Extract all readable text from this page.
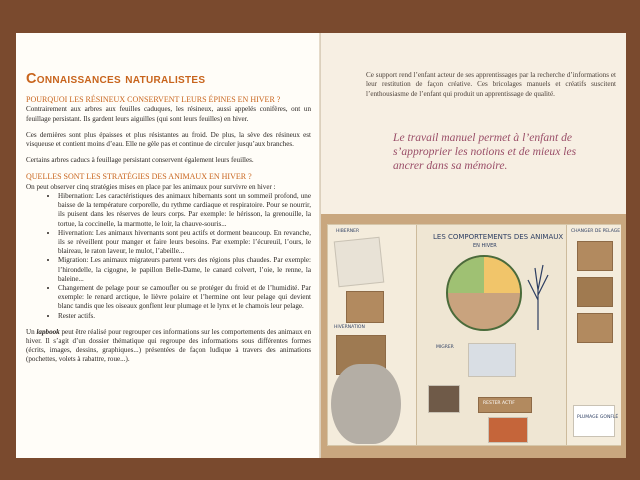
Connaissances naturalistes
POURQUOI LES RÉSINEUX CONSERVENT LEURS ÉPINES EN HIVER ?

Contrairement aux arbres aux feuilles caduques, les résineux, aussi appelés conifères, ont un feuillage persistant. Ils gardent leurs aiguilles (qui sont leurs feuilles) en hiver.

Ces dernières sont plus épaisses et plus résistantes au froid. De plus, la sève des résineux est visqueuse et contient moins d’eau. Elle ne gèle pas et continue de circuler jusqu’aux branches.

Certains arbres caducs à feuillage persistant conservent également leurs feuilles.

QUELLES SONT LES STRATÉGIES DES ANIMAUX EN HIVER ?

On peut observer cinq stratégies mises en place par les animaux pour survivre en hiver :

• Hibernation: Les caractéristiques des animaux hibernants sont un sommeil profond, une baisse de la température corporelle, du rythme cardiaque et respiratoire. Pour se nourrir, ils puisent dans les réserves de leurs corps. Par exemple: le hérisson, la grenouille, la tortue, la coccinelle, la marmotte, le loir, la chauve-souris...
• Hivernation: Les animaux hivernants sont peu actifs et dorment beaucoup. En revanche, ils se réveillent pour manger et faire leurs besoins. Par exemple: l’écureuil, l’ours, le blaireau, le raton laveur, le mulot, l’abeille...
• Migration: Les animaux migrateurs partent vers des régions plus chaudes. Par exemple: l’hirondelle, la cigogne, le papillon Belle-Dame, le canard colvert, l’oie, le renne, la baleine...
• Changement de pelage pour se camoufler ou se protéger du froid et de l’humidité. Par exemple: le renard arctique, le lièvre polaire et l’hermine ont leur pelage qui devient blanc tandis que les oiseaux gonflent leur plumage et le lynx et le chamois leur pelage.
• Rester actifs.

Un lapbook peut être réalisé pour regrouper ces informations sur les comportements des animaux en hiver. Il s’agit d’un dossier thématique qui regroupe des informations sous différentes formes (écrits, images, dessins, graphiques...) présentées de façon ludique à travers des animations (pochettes, volets à rabattre, roue...).

Ce support rend l’enfant acteur de ses apprentissages par la recherche d’informations et leur restitution de façon créative. Ces bricolages manuels et créatifs suscitent l’enthousiasme de l’enfant qui produit un apprentissage de qualité.
Le travail manuel permet à l’enfant de s’approprier les notions et de mieux les ancrer dans sa mémoire.
HIBERNER
HIVERNATION
LES COMPORTEMENTS DES ANIMAUX
EN HIVER
MIGRER
RESTER ACTIF
CHANGER DE PELAGE
PLUMAGE GONFLÉ
